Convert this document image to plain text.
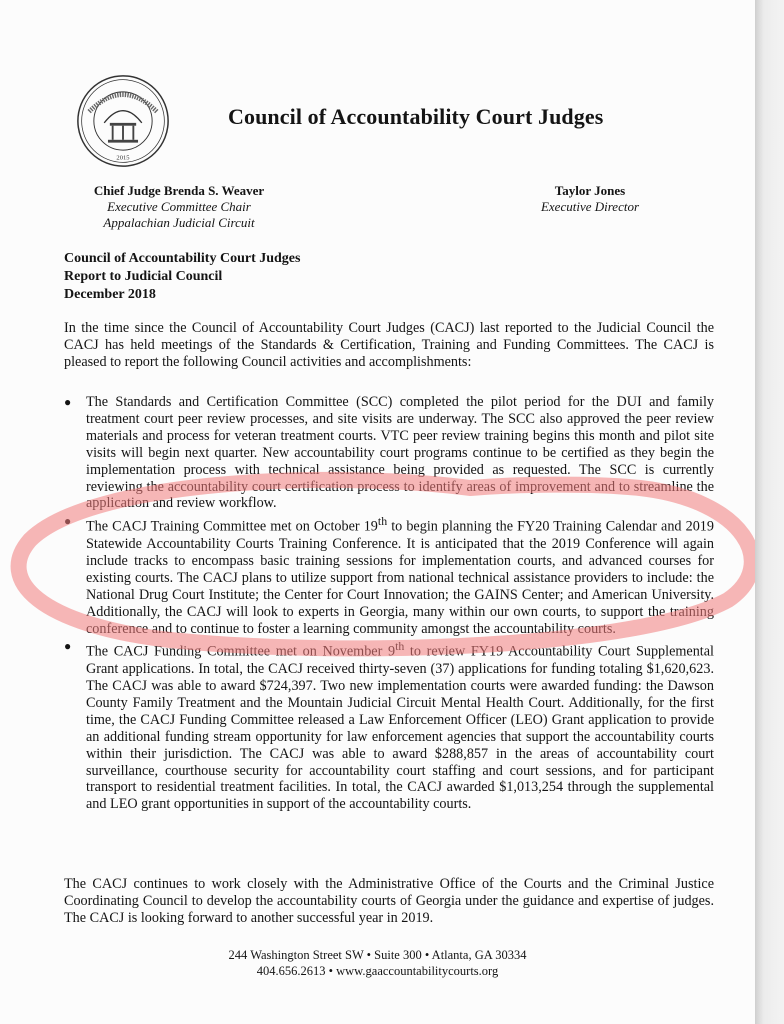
2015
Council of Accountability Court Judges
Chief Judge Brenda S. Weaver
Executive Committee Chair
Appalachian Judicial Circuit
Taylor Jones
Executive Director
Council of Accountability Court Judges
Report to Judicial Council
December 2018
In the time since the Council of Accountability Court Judges (CACJ) last reported to the Judicial Council the CACJ has held meetings of the Standards & Certification, Training and Funding Committees. The CACJ is pleased to report the following Council activities and accomplishments:
● The Standards and Certification Committee (SCC) completed the pilot period for the DUI and family treatment court peer review processes, and site visits are underway. The SCC also approved the peer review materials and process for veteran treatment courts. VTC peer review training begins this month and pilot site visits will begin next quarter. New accountability court programs continue to be certified as they begin the implementation process with technical assistance being provided as requested. The SCC is currently reviewing the accountability court certification process to identify areas of improvement and to streamline the application and review workflow.
● The CACJ Training Committee met on October 19th to begin planning the FY20 Training Calendar and 2019 Statewide Accountability Courts Training Conference. It is anticipated that the 2019 Conference will again include tracks to encompass basic training sessions for implementation courts, and advanced courses for existing courts. The CACJ plans to utilize support from national technical assistance providers to include: the National Drug Court Institute; the Center for Court Innovation; the GAINS Center; and American University. Additionally, the CACJ will look to experts in Georgia, many within our own courts, to support the training conference and to continue to foster a learning community amongst the accountability courts.
● The CACJ Funding Committee met on November 9th to review FY19 Accountability Court Supplemental Grant applications. In total, the CACJ received thirty-seven (37) applications for funding totaling $1,620,623. The CACJ was able to award $724,397. Two new implementation courts were awarded funding: the Dawson County Family Treatment and the Mountain Judicial Circuit Mental Health Court. Additionally, for the first time, the CACJ Funding Committee released a Law Enforcement Officer (LEO) Grant application to provide an additional funding stream opportunity for law enforcement agencies that support the accountability courts within their jurisdiction. The CACJ was able to award $288,857 in the areas of accountability court surveillance, courthouse security for accountability court staffing and court sessions, and for participant transport to residential treatment facilities. In total, the CACJ awarded $1,013,254 through the supplemental and LEO grant opportunities in support of the accountability courts.
The CACJ continues to work closely with the Administrative Office of the Courts and the Criminal Justice Coordinating Council to develop the accountability courts of Georgia under the guidance and expertise of judges. The CACJ is looking forward to another successful year in 2019.
244 Washington Street SW • Suite 300 • Atlanta, GA 30334
404.656.2613 • www.gaaccountabilitycourts.org
